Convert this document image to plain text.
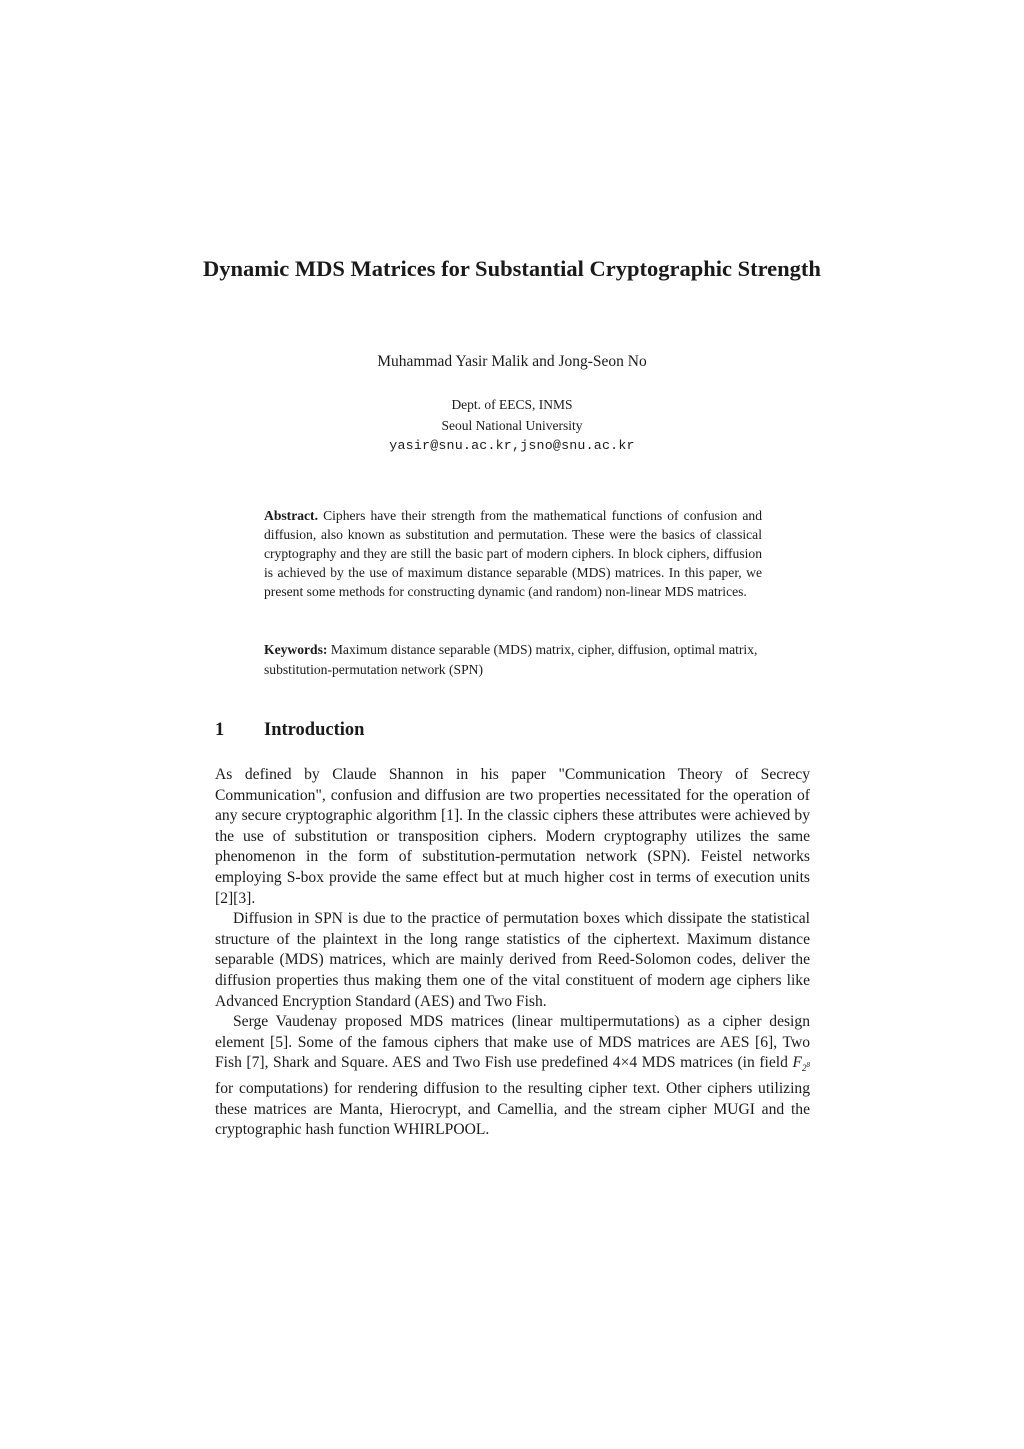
Dynamic MDS Matrices for Substantial Cryptographic Strength

Muhammad Yasir Malik and Jong-Seon No

Dept. of EECS, INMS
Seoul National University
yasir@snu.ac.kr,jsno@snu.ac.kr

Abstract. Ciphers have their strength from the mathematical functions of confusion and diffusion, also known as substitution and permutation. These were the basics of classical cryptography and they are still the basic part of modern ciphers. In block ciphers, diffusion is achieved by the use of maximum distance separable (MDS) matrices. In this paper, we present some methods for constructing dynamic (and random) non-linear MDS matrices.

Keywords: Maximum distance separable (MDS) matrix, cipher, diffusion, optimal matrix, substitution-permutation network (SPN)

1 Introduction

As defined by Claude Shannon in his paper "Communication Theory of Secrecy Communication", confusion and diffusion are two properties necessitated for the operation of any secure cryptographic algorithm [1]. In the classic ciphers these attributes were achieved by the use of substitution or transposition ciphers. Modern cryptography utilizes the same phenomenon in the form of substitution-permutation network (SPN). Feistel networks employing S-box provide the same effect but at much higher cost in terms of execution units [2][3].

Diffusion in SPN is due to the practice of permutation boxes which dissipate the statistical structure of the plaintext in the long range statistics of the ciphertext. Maximum distance separable (MDS) matrices, which are mainly derived from Reed-Solomon codes, deliver the diffusion properties thus making them one of the vital constituent of modern age ciphers like Advanced Encryption Standard (AES) and Two Fish.

Serge Vaudenay proposed MDS matrices (linear multipermutations) as a cipher design element [5]. Some of the famous ciphers that make use of MDS matrices are AES [6], Two Fish [7], Shark and Square. AES and Two Fish use predefined 4×4 MDS matrices (in field $F_{2^8}$ for computations) for rendering diffusion to the resulting cipher text. Other ciphers utilizing these matrices are Manta, Hierocrypt, and Camellia, and the stream cipher MUGI and the cryptographic hash function WHIRLPOOL.
